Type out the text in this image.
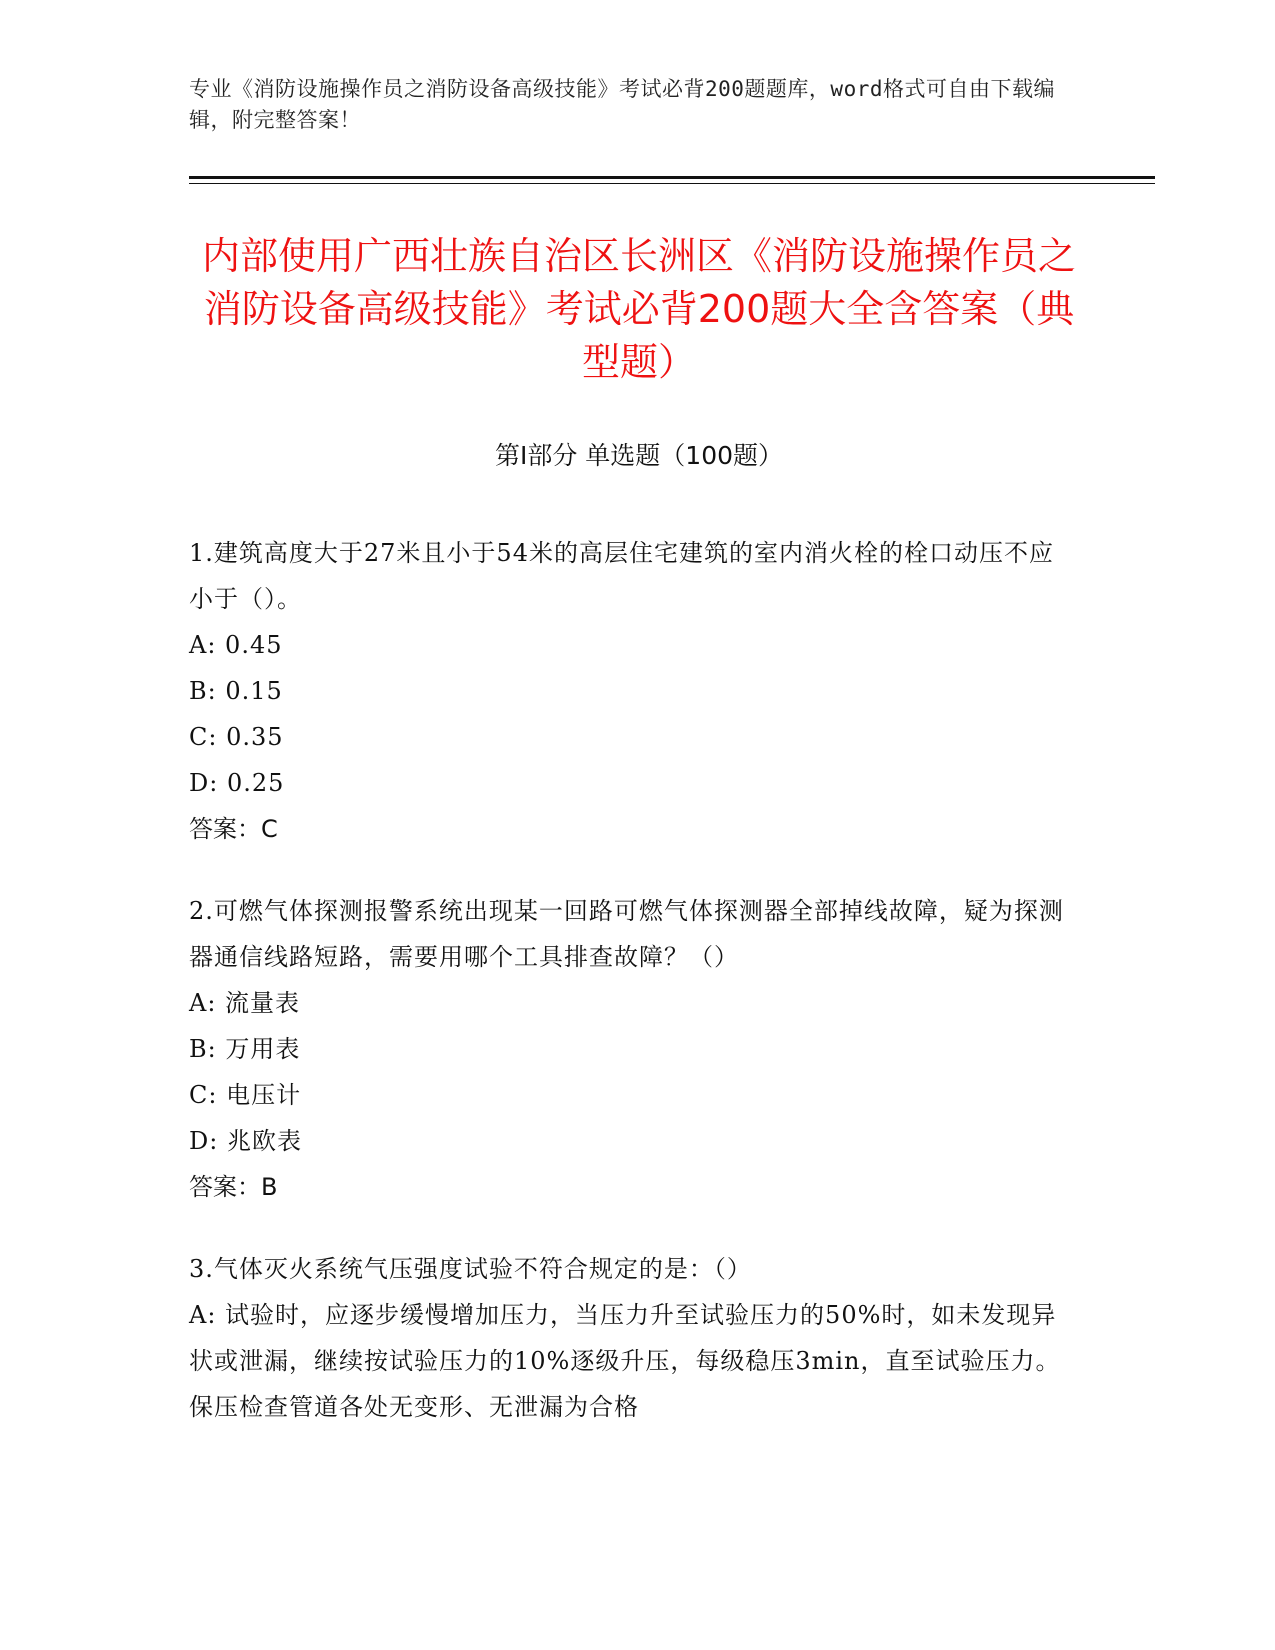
专业《消防设施操作员之消防设备高级技能》考试必背200题题库，word格式可自由下载编辑，附完整答案！
内部使用广西壮族自治区长洲区《消防设施操作员之消防设备高级技能》考试必背200题大全含答案（典型题）
第Ⅰ部分 单选题（100题）
1.建筑高度大于27米且小于54米的高层住宅建筑的室内消火栓的栓口动压不应小于（）。
A: 0.45
B: 0.15
C: 0.35
D: 0.25
答案：C
2.可燃气体探测报警系统出现某一回路可燃气体探测器全部掉线故障，疑为探测器通信线路短路，需要用哪个工具排查故障？（）
A: 流量表
B: 万用表
C: 电压计
D: 兆欧表
答案：B
3.气体灭火系统气压强度试验不符合规定的是：（）
A: 试验时，应逐步缓慢增加压力，当压力升至试验压力的50%时，如未发现异状或泄漏，继续按试验压力的10%逐级升压，每级稳压3min，直至试验压力。保压检查管道各处无变形、无泄漏为合格
